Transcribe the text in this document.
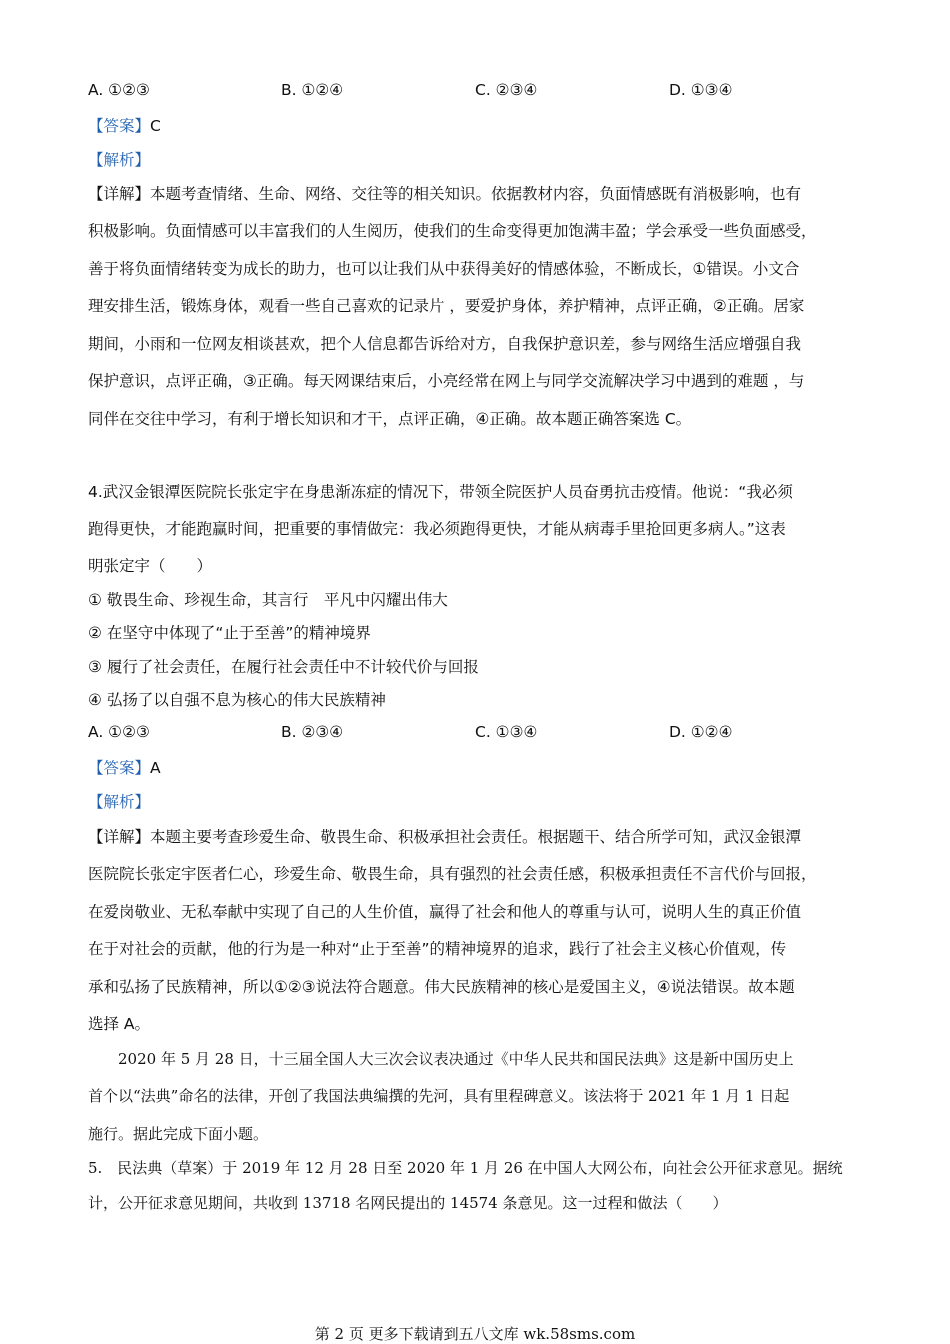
A. ①②③	B. ①②④	C. ②③④	D. ①③④
【答案】C
【解析】
【详解】本题考查情绪、生命、网络、交往等的相关知识。依据教材内容，负面情感既有消极影响，也有
积极影响。负面情感可以丰富我们的人生阅历，使我们的生命变得更加饱满丰盈；学会承受一些负面感受，
善于将负面情绪转变为成长的助力，也可以让我们从中获得美好的情感体验，不断成长，①错误。小文合
理安排生活，锻炼身体，观看一些自己喜欢的记录片 ，要爱护身体，养护精神，点评正确，②正确。居家
期间，小雨和一位网友相谈甚欢，把个人信息都告诉给对方，自我保护意识差，参与网络生活应增强自我
保护意识，点评正确，③正确。每天网课结束后，小亮经常在网上与同学交流解决学习中遇到的难题 ，与
同伴在交往中学习，有利于增长知识和才干，点评正确，④正确。故本题正确答案选 C。
4.武汉金银潭医院院长张定宇在身患渐冻症的情况下，带领全院医护人员奋勇抗击疫情。他说：“我必须
跑得更快，才能跑赢时间，把重要的事情做完：我必须跑得更快，才能从病毒手里抢回更多病人。”这表
明张定宇（　　）
① 敬畏生命、珍视生命，其言行　平凡中闪耀出伟大
② 在坚守中体现了“止于至善”的精神境界
③ 履行了社会责任，在履行社会责任中不计较代价与回报
④ 弘扬了以自强不息为核心的伟大民族精神
A. ①②③	B. ②③④	C. ①③④	D. ①②④
【答案】A
【解析】
【详解】本题主要考查珍爱生命、敬畏生命、积极承担社会责任。根据题干、结合所学可知，武汉金银潭
医院院长张定宇医者仁心，珍爱生命、敬畏生命，具有强烈的社会责任感，积极承担责任不言代价与回报，
在爱岗敬业、无私奉献中实现了自己的人生价值，赢得了社会和他人的尊重与认可，说明人生的真正价值
在于对社会的贡献，他的行为是一种对“止于至善”的精神境界的追求，践行了社会主义核心价值观，传
承和弘扬了民族精神，所以①②③说法符合题意。伟大民族精神的核心是爱国主义，④说法错误。故本题
选择 A。
2020 年 5 月 28 日，十三届全国人大三次会议表决通过《中华人民共和国民法典》这是新中国历史上
首个以“法典”命名的法律，开创了我国法典编撰的先河，具有里程碑意义。该法将于 2021 年 1 月 1 日起
施行。据此完成下面小题。
5.　民法典（草案）于 2019 年 12 月 28 日至 2020 年 1 月 26 在中国人大网公布，向社会公开征求意见。据统
计，公开征求意见期间，共收到 13718 名网民提出的 14574 条意见。这一过程和做法（　　）
第 2 页 更多下载请到五八文库 wk.58sms.com
